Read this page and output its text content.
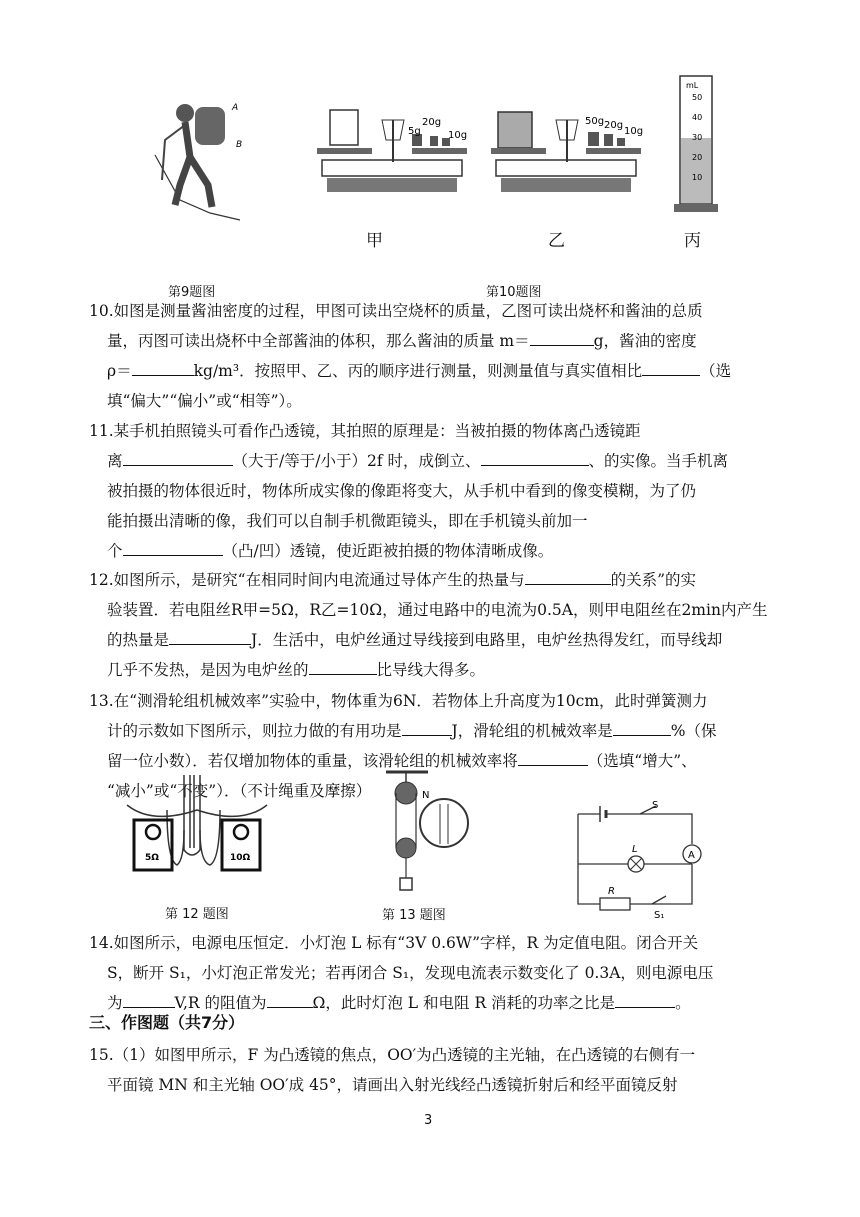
A
B
第9题图
20g
5g	10g
甲
50g 20g
10g
乙
mL
50
40
30
20
10
丙
第10题图

10.如图是测量酱油密度的过程，甲图可读出空烧杯的质量，乙图可读出烧杯和酱油的总质

量，丙图可读出烧杯中全部酱油的体积，那么酱油的质量 m＝	g，酱油的密度

ρ＝	kg/m³．按照甲、乙、丙的顺序进行测量，则测量值与真实值相比	（选

填“偏大”“偏小”或“相等”）。

11.某手机拍照镜头可看作凸透镜，其拍照的原理是：当被拍摄的物体离凸透镜距

离	（大于/等于/小于）2f 时，成倒立、	、的实像。当手机离

被拍摄的物体很近时，物体所成实像的像距将变大，从手机中看到的像变模糊，为了仍

能拍摄出清晰的像，我们可以自制手机微距镜头，即在手机镜头前加一

个	（凸/凹）透镜，使近距被拍摄的物体清晰成像。

12.如图所示，是研究“在相同时间内电流通过导体产生的热量与	的关系”的实

验装置．若电阻丝R甲=5Ω，R乙=10Ω，通过电路中的电流为0.5A，则甲电阻丝在2min内产生

的热量是	J．生活中，电炉丝通过导线接到电路里，电炉丝热得发红，而导线却

几乎不发热，是因为电炉丝的	比导线大得多。

13.在“测滑轮组机械效率”实验中，物体重为6N．若物体上升高度为10cm，此时弹簧测力

计的示数如下图所示，则拉力做的有用功是	J，滑轮组的机械效率是	%（保

留一位小数）．若仅增加物体的重量，该滑轮组的机械效率将	（选填“增大”、

“减小”或“不变”）．（不计绳重及摩擦）

5Ω	10Ω
第 12 题图
N
第 13 题图
S
L
A
R
S₁

14.如图所示，电源电压恒定．小灯泡 L 标有“3V 0.6W”字样，R 为定值电阻。闭合开关

S，断开 S₁，小灯泡正常发光；若再闭合 S₁，发现电流表示数变化了 0.3A，则电源电压

为	V,R 的阻值为	Ω，此时灯泡 L 和电阻 R 消耗的功率之比是	。

三、作图题（共7分）

15.（1）如图甲所示，F 为凸透镜的焦点，OO′为凸透镜的主光轴，在凸透镜的右侧有一

平面镜 MN 和主光轴 OO′成 45°，请画出入射光线经凸透镜折射后和经平面镜反射

3
